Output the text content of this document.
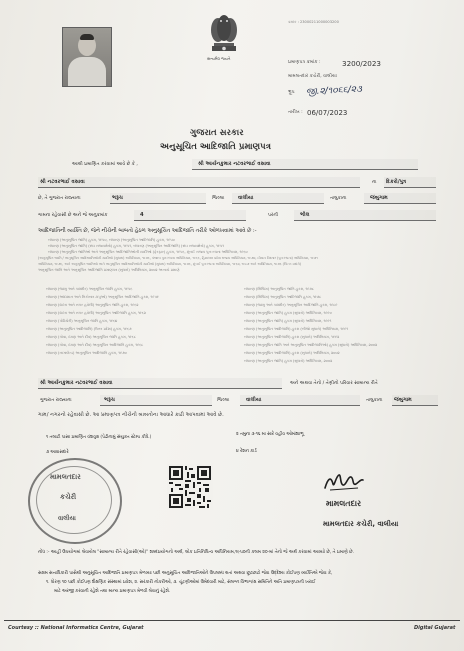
સત્યમેવ જયતે
ક્રમાંક : 23000211000003200
પ્રમાણપત્ર ક્રમાંક :	3200/2023
મામલતદાર કચેરી, વાલીયા
ભ્રૂ૫ જી.૨/૧૦૬૬/૨૩
તારીખ : 06/07/2023
ગુજરાત સરકાર
અનુસૂચિત આદિજાતિ પ્રમાણપત્ર
આથી પ્રમાણિત કરવામાં આવે છે કે ,	શ્રી આર્યનકુમાર નટવરભાઈ વસાવા
શ્રી નટવરભાઈ વસાવા	ના દિકરો/પુત્ર
છે, તે ગુજરાત રાજ્યના	ભરૂચ	જિલ્લા	વાલીયા	તાલુકાના	જંબુગામ
ગામના રહેવાસી છે અને જે અનુક્રમાંક	4	પરની	ભીલ
આદિજાતિની વ્યક્તિ છે, જેને નીચેની બાબતો હેઠળ અનુસૂચિત આદિજાતિ તરીકે ઓળખવામાં આવે છે :-
બંધારણ (અનુસૂચિત જાતિ) હુકમ, ૧૯૫૦, બંધારણ (અનુસૂચિત આદિજાતિ) હુકમ, ૧૯૫૦
બંધારણ (અનુસૂચિત જાતિ) (સંઘ રાજ્યક્ષેત્રો) હુકમ, ૧૯૫૧, બંધારણ (અનુસૂચિત આદિજાતિ) (સંઘ રાજ્યક્ષેત્રો) હુકમ, ૧૯૫૧
બંધારણ (અનુસૂચિત જાતિઓ અને અનુસૂચિત આદિજાતિઓની યાદીઓ (ફેરફાર) હુકમ, ૧૯૫૬, મુંબઈ રાજ્ય પુનઃરચના અધિનિયમ, ૧૯૬૦
(અનુસૂચિત જાતિ / અનુસૂચિત આદિજાતિઓની યાદીઓ (સુધારા) અધિનિયમ, ૧૯૭૬, પંજાબ પુનઃરચના અધિનિયમ, ૧૯૬૬, હિમાચલ પ્રદેશ રાજ્ય અધિનિયમ, ૧૯૭૦, ઈશાન વિસ્તાર (પુનઃરચના) અધિનિયમ, ૧૯૭૧
અધિનિયમ, ૧૯૭૬, અને અનુસૂચિત જાતિઓ અને અનુસૂચિત આદિજાતિઓની યાદીઓ (સુધારા) અધિનિયમ, ૧૯૭૬, મુંબઈ પુનઃરચના અધિનિયમ, ૧૯૬૦, ૧૯૮૭ અને અધિનિયમ, ૧૯૭૬ (બિન્ન પ્રસંગે)
અનુસૂચિત જાતિ અને અનુસૂચિત આદિજાતિ પ્રમાણપત્ર (સુધારો) અધિનિયમ, ૨૦૦૨ અન્વયે પ્રમાણે
બંધારણ (જમ્મુ અને કાશ્મીર) અનુસૂચિત જાતિ હુકમ, ૧૯૫૬
બંધારણ (આંદામાન અને નિકોબાર ટાપુઓ) અનુસૂચિત આદિજાતિ હુકમ, ૧૯૫૯
બંધારણ (દાદરા અને નગર હવેલી) અનુસૂચિત જાતિ હુકમ, ૧૯૬૨
બંધારણ (દાદરા અને નગર હવેલી) અનુસૂચિત આદિજાતિ હુકમ, ૧૯૬૨
બંધારણ (પોંડિચેરી) અનુસૂચિત જાતિ હુકમ, ૧૯૬૪
બંધારણ (અનુસૂચિત આદિજાતિ) (ઉત્તર પ્રદેશ) હુકમ, ૧૯૬૭
બંધારણ (ગોવા, દમણ અને દીવ) અનુસૂચિત જાતિ હુકમ, ૧૯૬૮
બંધારણ (ગોવા, દમણ અને દીવ) અનુસૂચિત આદિજાતિ હુકમ, ૧૯૬૮
બંધારણ (નાગાલેન્ડ) અનુસૂચિત આદિજાતિ હુકમ, ૧૯૭૦
બંધારણ (સિક્કિમ) અનુસૂચિત જાતિ હુકમ, ૧૯૭૮
બંધારણ (સિક્કિમ) અનુસૂચિત આદિજાતિ હુકમ, ૧૯૭૮
બંધારણ (જમ્મુ અને કાશ્મીર) અનુસૂચિત આદિજાતિ હુકમ, ૧૯૮૯
બંધારણ (અનુસૂચિત જાતિ) હુકમ (સુધારો) અધિનિયમ, ૧૯૯૦
બંધારણ (અનુસૂચિત જાતિ) હુકમ (સુધારો) અધિનિયમ, ૧૯૯૧
બંધારણ (અનુસૂચિત આદિજાતિ) હુકમ (બીજો સુધારો) અધિનિયમ, ૧૯૯૧
બંધારણ (અનુસૂચિત આદિજાતિ) હુકમ (સુધારો) અધિનિયમ, ૧૯૯૨
બંધારણ (અનુસૂચિત જાતિ અને અનુસૂચિત આદિજાતિઓ) હુકમ (સુધારો) અધિનિયમ, ૨૦૦૨
બંધારણ (અનુસૂચિત આદિજાતિ) હુકમ (સુધારો) અધિનિયમ, ૨૦૦૨
બંધારણ (અનુસૂચિત જાતિ) હુકમ (સુધારો) અધિનિયમ, ૨૦૦૨
શ્રી આર્યનકુમાર નટવરભાઈ વસાવા	અને અથવા તેનો / તેણીનો પરિવાર સામાન્ય રીતે
ગુજરાત રાજ્યના	ભરૂચ	જિલ્લા	વાલીયા	તાલુકાના જંબુગામ
ગામ/ નગરનો રહેવાસી છે. આ પ્રમાણપત્ર નીચેની બાબતોના આધારે કાઢી આપવામાં આવે છે.
૧ તલાટી પાસા પ્રમાણિત વંશવૃક્ષ (પેઢીનામું સંયુક્ત સ્ટેમ્પ કીધે.)
૨ તમુના ૩-૧૬ મા સારે વહીવ ઓમાંશાભૂ
૩ આવાસદારે	૪ રેશન કાર્ડ
મામલતદાર
કચેરી
વાલીયા
મામલતદાર
મામલતદાર કચેરી, વાલીયા
નોંધ :- આહીં ઉપયોગમાં લેવાયેલ "સામાન્ય રીતે રહેવાસી(ઓ)" શબ્દપ્રયોગનો અર્થ, લોક પ્રતિનિધિત્વ અધિનિયમ,૧૯૫૦ની કલમ ૨૦-માં તેનો જે અર્થ કરવામાં આવ્યો છે, તે પ્રમાણે છે.
સક્ષમ સત્તાધિકારી પાસેથી અનુસૂચિત આદિજાતિ પ્રમાણપત્ર મેળવ્યા પછી અનુસૂચિત આદિજાતિઓને ઉપલબ્ધ થતાં અથવા છૂટછાટો જેવા ઉદ્દેશ્ય કોઈપણ વ્યક્તિએ જેવા કે,
૧. ધોરણ ૧૦ પછી કોઈપણ શૈક્ષણિક સંસ્થામાં પ્રવેશ, ૨. સરકારી નોકરીઓ, ૩. ચૂંટણીઓમાં ઉમેદવારી માટે, સંલગ્ન વિભાગ/ક્ષ સમિતિને અતિ પ્રમાણપત્રની ખરાઈ
માટે અરજી કરવાની રહેશે તથા માન્ય પ્રમાણપત્ર મેળવી લેવાનું રહેશે.
Courtesy :: National Informatics Centre, Gujarat	Digital Gujarat
